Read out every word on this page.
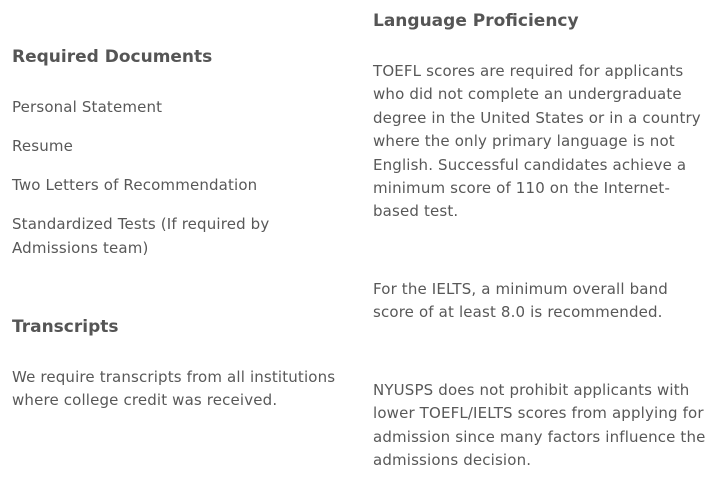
Required Documents

Personal Statement

Resume

Two Letters of Recommendation

Standardized Tests (If required by Admissions team)

Transcripts

We require transcripts from all institutions where college credit was received.

Language Proficiency

TOEFL scores are required for applicants who did not complete an undergraduate degree in the United States or in a country where the only primary language is not English. Successful candidates achieve a minimum score of 110 on the Internet-based test.

For the IELTS, a minimum overall band score of at least 8.0 is recommended.

NYUSPS does not prohibit applicants with lower TOEFL/IELTS scores from applying for admission since many factors influence the admissions decision.
